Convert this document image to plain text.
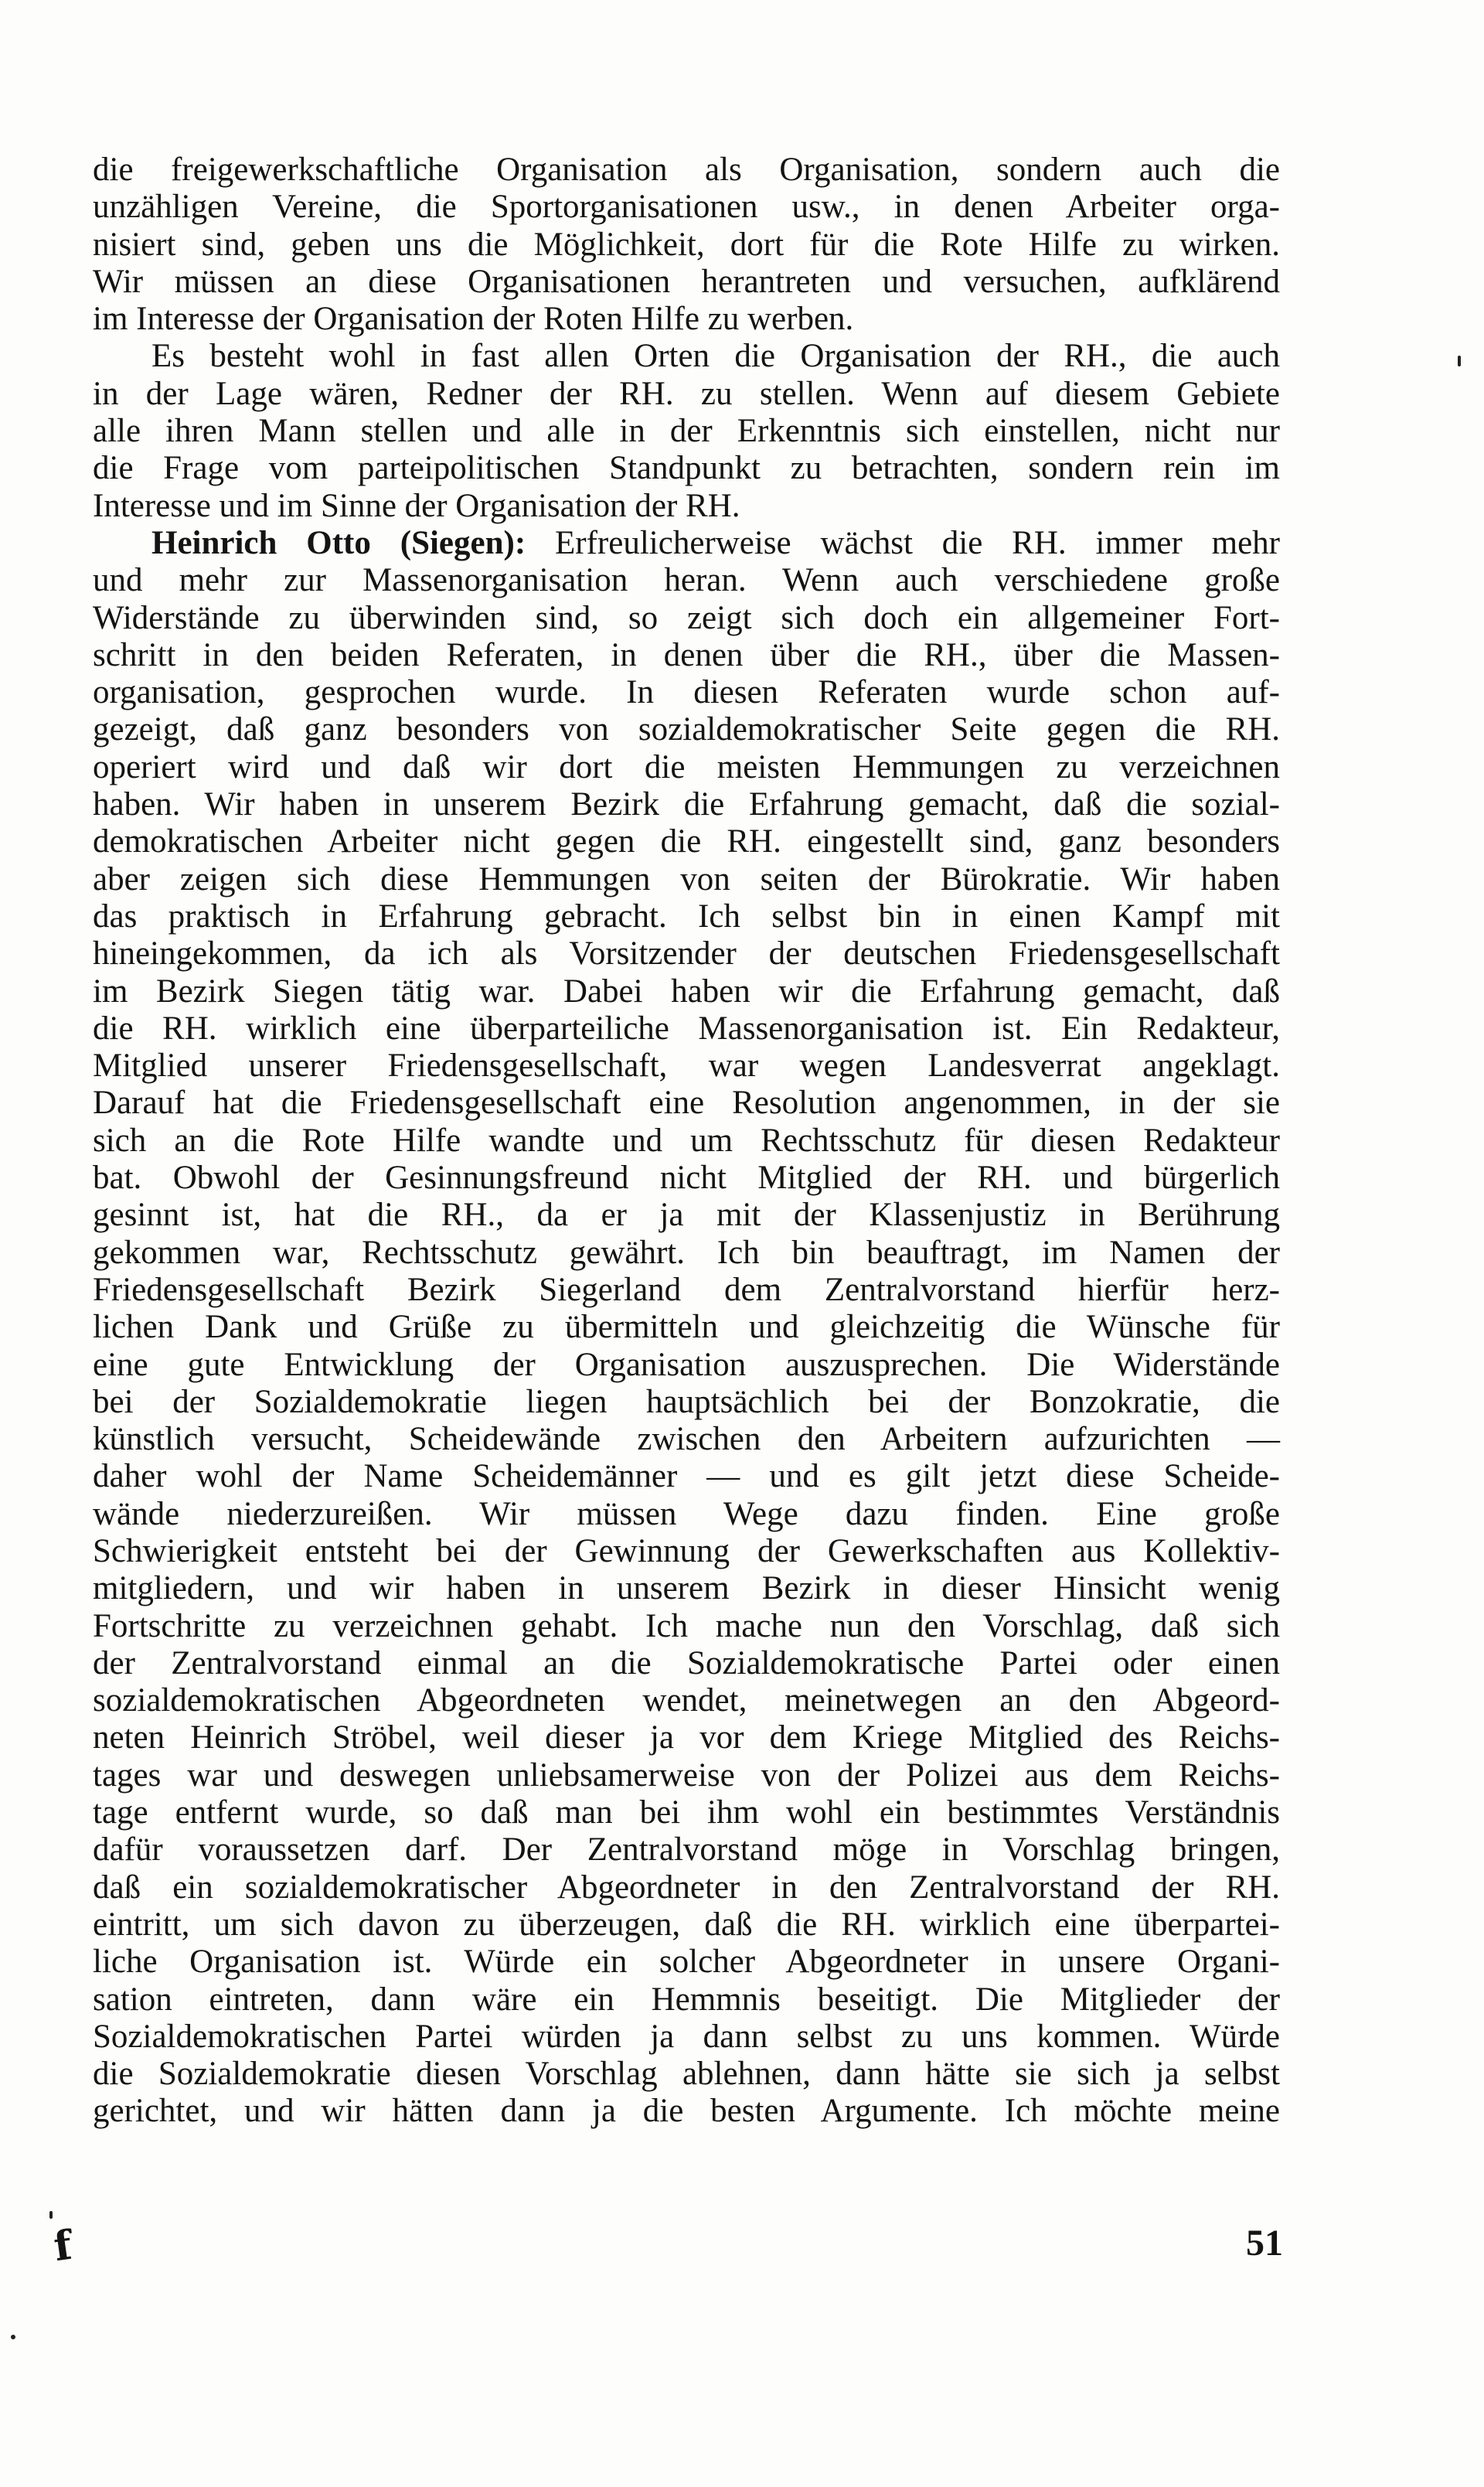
die freigewerkschaftliche Organisation als Organisation, sondern auch die
unzähligen Vereine, die Sportorganisationen usw., in denen Arbeiter orga-
nisiert sind, geben uns die Möglichkeit, dort für die Rote Hilfe zu wirken.
Wir müssen an diese Organisationen herantreten und versuchen, aufklärend
im Interesse der Organisation der Roten Hilfe zu werben.
Es besteht wohl in fast allen Orten die Organisation der RH., die auch
in der Lage wären, Redner der RH. zu stellen. Wenn auf diesem Gebiete
alle ihren Mann stellen und alle in der Erkenntnis sich einstellen, nicht nur
die Frage vom parteipolitischen Standpunkt zu betrachten, sondern rein im
Interesse und im Sinne der Organisation der RH.
Heinrich Otto (Siegen): Erfreulicherweise wächst die RH. immer mehr
und mehr zur Massenorganisation heran. Wenn auch verschiedene große
Widerstände zu überwinden sind, so zeigt sich doch ein allgemeiner Fort-
schritt in den beiden Referaten, in denen über die RH., über die Massen-
organisation, gesprochen wurde. In diesen Referaten wurde schon auf-
gezeigt, daß ganz besonders von sozialdemokratischer Seite gegen die RH.
operiert wird und daß wir dort die meisten Hemmungen zu verzeichnen
haben. Wir haben in unserem Bezirk die Erfahrung gemacht, daß die sozial-
demokratischen Arbeiter nicht gegen die RH. eingestellt sind, ganz besonders
aber zeigen sich diese Hemmungen von seiten der Bürokratie. Wir haben
das praktisch in Erfahrung gebracht. Ich selbst bin in einen Kampf mit
hineingekommen, da ich als Vorsitzender der deutschen Friedensgesellschaft
im Bezirk Siegen tätig war. Dabei haben wir die Erfahrung gemacht, daß
die RH. wirklich eine überparteiliche Massenorganisation ist. Ein Redakteur,
Mitglied unserer Friedensgesellschaft, war wegen Landesverrat angeklagt.
Darauf hat die Friedensgesellschaft eine Resolution angenommen, in der sie
sich an die Rote Hilfe wandte und um Rechtsschutz für diesen Redakteur
bat. Obwohl der Gesinnungsfreund nicht Mitglied der RH. und bürgerlich
gesinnt ist, hat die RH., da er ja mit der Klassenjustiz in Berührung
gekommen war, Rechtsschutz gewährt. Ich bin beauftragt, im Namen der
Friedensgesellschaft Bezirk Siegerland dem Zentralvorstand hierfür herz-
lichen Dank und Grüße zu übermitteln und gleichzeitig die Wünsche für
eine gute Entwicklung der Organisation auszusprechen. Die Widerstände
bei der Sozialdemokratie liegen hauptsächlich bei der Bonzokratie, die
künstlich versucht, Scheidewände zwischen den Arbeitern aufzurichten —
daher wohl der Name Scheidemänner — und es gilt jetzt diese Scheide-
wände niederzureißen. Wir müssen Wege dazu finden. Eine große
Schwierigkeit entsteht bei der Gewinnung der Gewerkschaften aus Kollektiv-
mitgliedern, und wir haben in unserem Bezirk in dieser Hinsicht wenig
Fortschritte zu verzeichnen gehabt. Ich mache nun den Vorschlag, daß sich
der Zentralvorstand einmal an die Sozialdemokratische Partei oder einen
sozialdemokratischen Abgeordneten wendet, meinetwegen an den Abgeord-
neten Heinrich Ströbel, weil dieser ja vor dem Kriege Mitglied des Reichs-
tages war und deswegen unliebsamerweise von der Polizei aus dem Reichs-
tage entfernt wurde, so daß man bei ihm wohl ein bestimmtes Verständnis
dafür voraussetzen darf. Der Zentralvorstand möge in Vorschlag bringen,
daß ein sozialdemokratischer Abgeordneter in den Zentralvorstand der RH.
eintritt, um sich davon zu überzeugen, daß die RH. wirklich eine überpartei-
liche Organisation ist. Würde ein solcher Abgeordneter in unsere Organi-
sation eintreten, dann wäre ein Hemmnis beseitigt. Die Mitglieder der
Sozialdemokratischen Partei würden ja dann selbst zu uns kommen. Würde
die Sozialdemokratie diesen Vorschlag ablehnen, dann hätte sie sich ja selbst
gerichtet, und wir hätten dann ja die besten Argumente. Ich möchte meine
f	51
